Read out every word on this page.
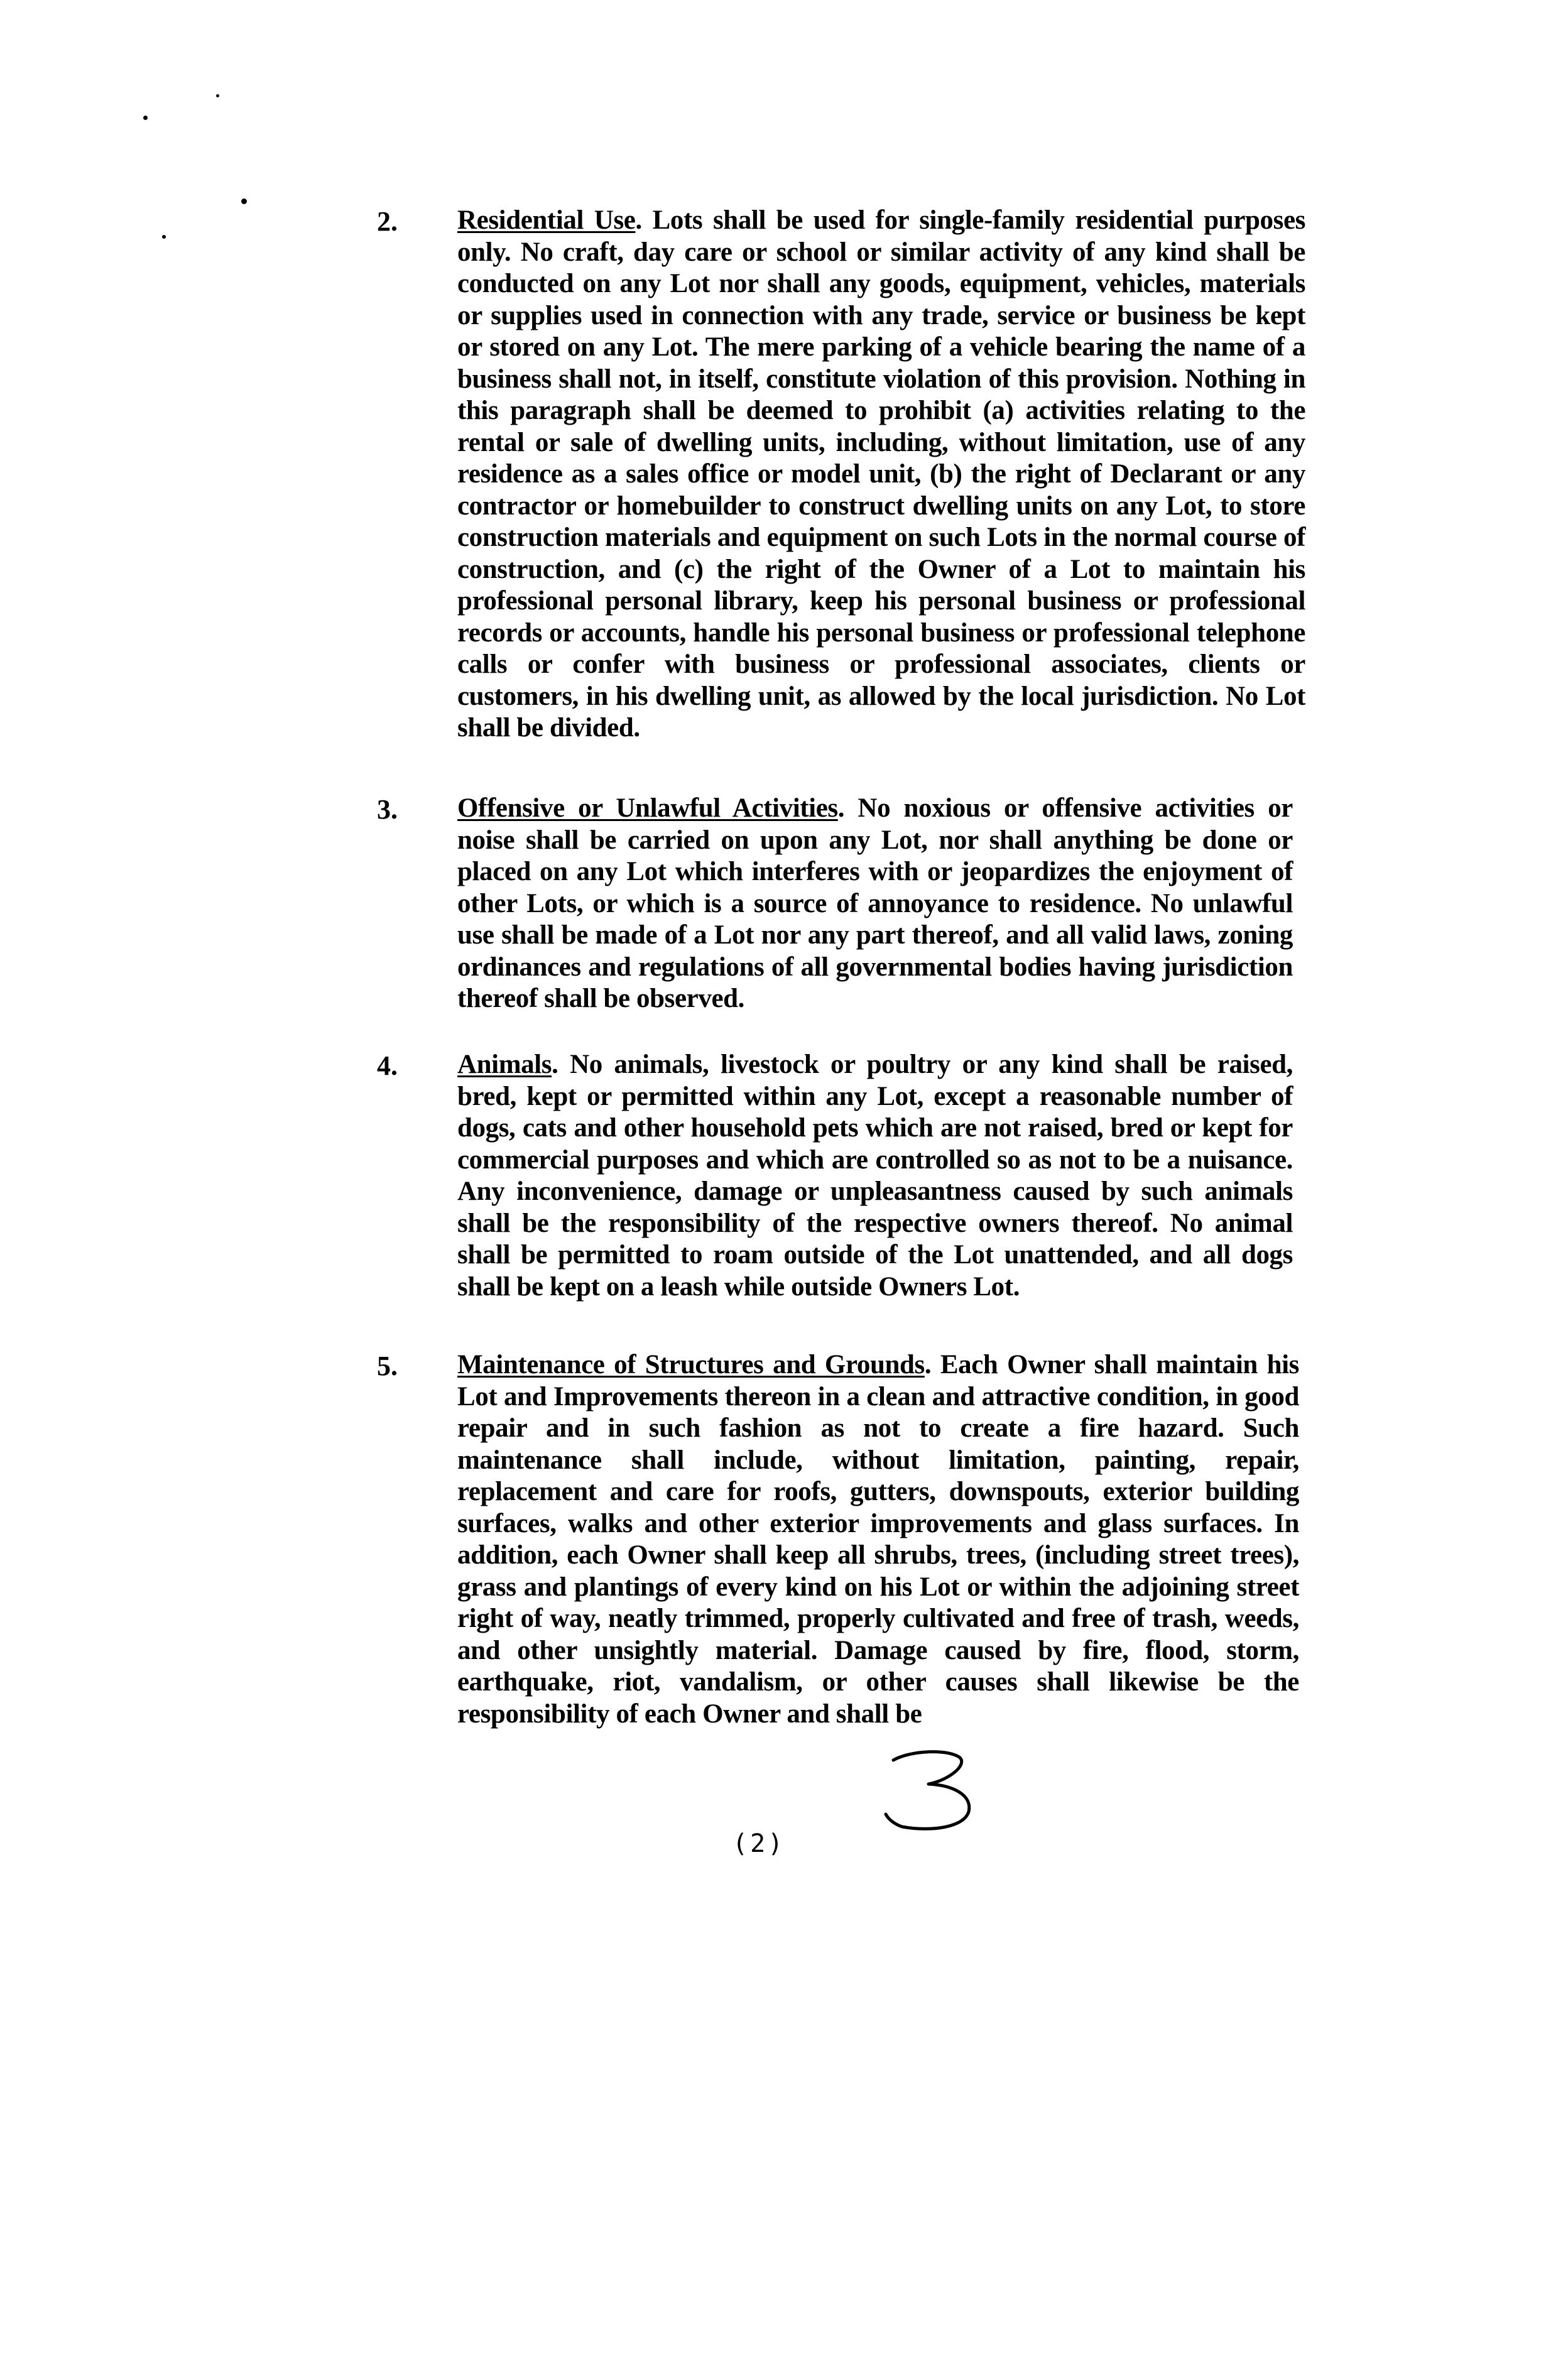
2. Residential Use. Lots shall be used for single-family residential purposes only. No craft, day care or school or similar activity of any kind shall be conducted on any Lot nor shall any goods, equipment, vehicles, materials or supplies used in connection with any trade, service or business be kept or stored on any Lot. The mere parking of a vehicle bearing the name of a business shall not, in itself, constitute violation of this provision. Nothing in this paragraph shall be deemed to prohibit (a) activities relating to the rental or sale of dwelling units, including, without limitation, use of any residence as a sales office or model unit, (b) the right of Declarant or any contractor or homebuilder to construct dwelling units on any Lot, to store construction materials and equipment on such Lots in the normal course of construction, and (c) the right of the Owner of a Lot to maintain his professional personal library, keep his personal business or professional records or accounts, handle his personal business or professional telephone calls or confer with business or professional associates, clients or customers, in his dwelling unit, as allowed by the local jurisdiction. No Lot shall be divided.
3. Offensive or Unlawful Activities. No noxious or offensive activities or noise shall be carried on upon any Lot, nor shall anything be done or placed on any Lot which interferes with or jeopardizes the enjoyment of other Lots, or which is a source of annoyance to residence. No unlawful use shall be made of a Lot nor any part thereof, and all valid laws, zoning ordinances and regulations of all governmental bodies having jurisdiction thereof shall be observed.
4. Animals. No animals, livestock or poultry or any kind shall be raised, bred, kept or permitted within any Lot, except a reasonable number of dogs, cats and other household pets which are not raised, bred or kept for commercial purposes and which are controlled so as not to be a nuisance. Any inconvenience, damage or unpleasantness caused by such animals shall be the responsibility of the respective owners thereof. No animal shall be permitted to roam outside of the Lot unattended, and all dogs shall be kept on a leash while outside Owners Lot.
5. Maintenance of Structures and Grounds. Each Owner shall maintain his Lot and Improvements thereon in a clean and attractive condition, in good repair and in such fashion as not to create a fire hazard. Such maintenance shall include, without limitation, painting, repair, replacement and care for roofs, gutters, downspouts, exterior building surfaces, walks and other exterior improvements and glass surfaces. In addition, each Owner shall keep all shrubs, trees, (including street trees), grass and plantings of every kind on his Lot or within the adjoining street right of way, neatly trimmed, properly cultivated and free of trash, weeds, and other unsightly material. Damage caused by fire, flood, storm, earthquake, riot, vandalism, or other causes shall likewise be the responsibility of each Owner and shall be
(2)
